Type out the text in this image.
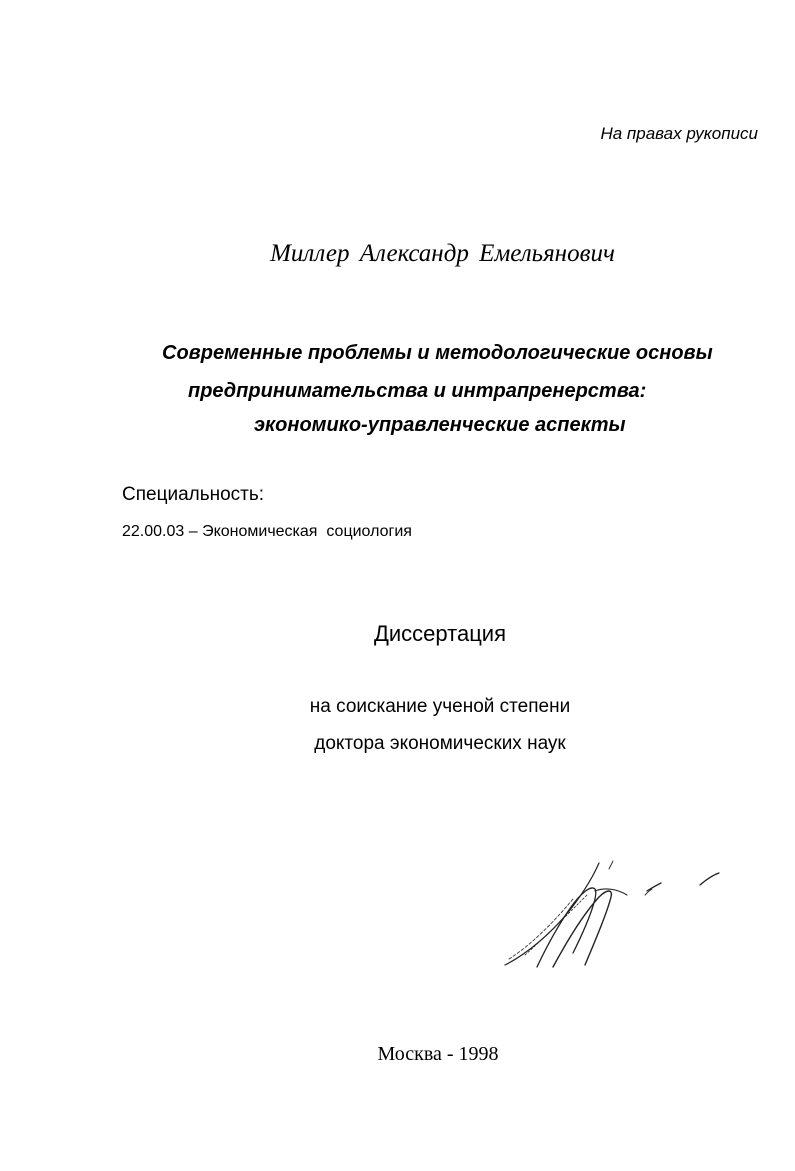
На правах рукописи
Миллер Александр Емельянович
Современные проблемы и методологические основы
предпринимательства и интрапренерства:
экономико-управленческие аспекты
Специальность:
22.00.03 – Экономическая  социология
Диссертация
на соискание ученой степени
доктора экономических наук
Москва - 1998
